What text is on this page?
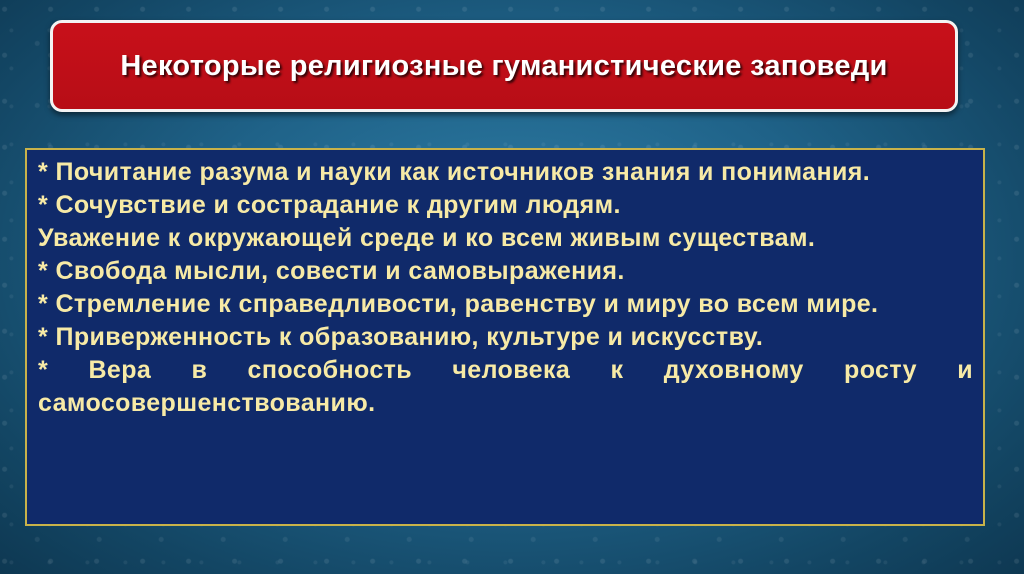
Некоторые религиозные гуманистические заповеди

* Почитание разума и науки как источников знания и понимания.

* Сочувствие и сострадание к другим людям.

Уважение к окружающей среде и ко всем живым существам.

* Свобода мысли, совести и самовыражения.

* Стремление к справедливости, равенству и миру во всем мире.

* Приверженность к образованию, культуре и искусству.

* Вера в способность человека к духовному росту и самосовершенствованию.
